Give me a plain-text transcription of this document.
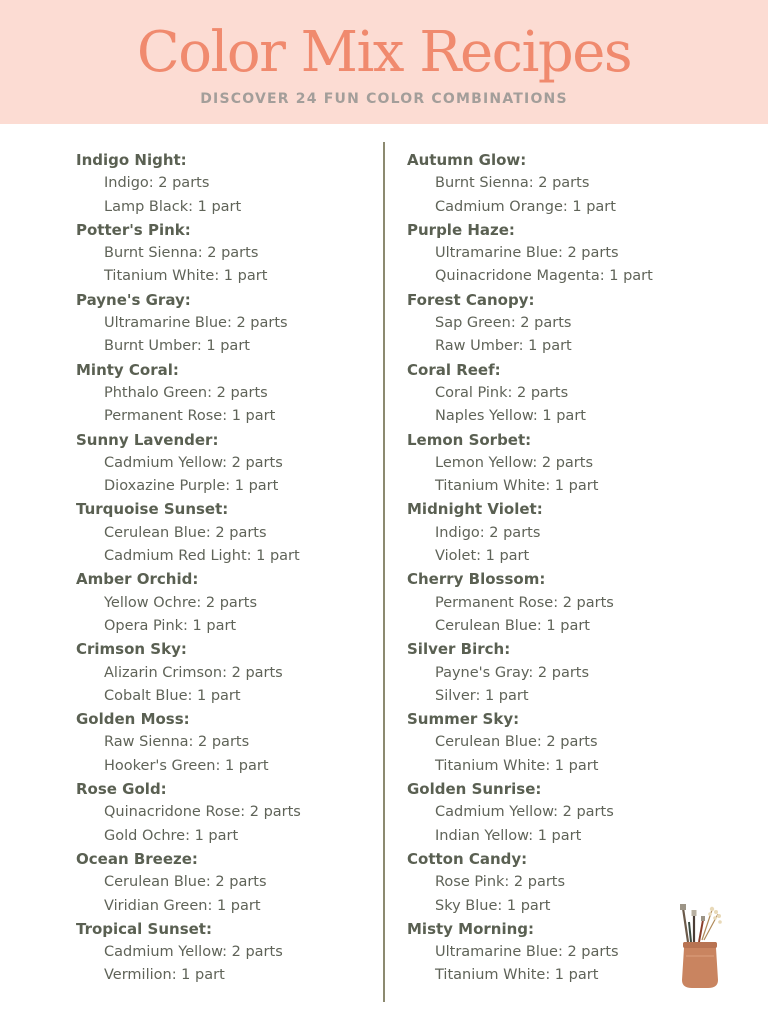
Color Mix Recipes
DISCOVER 24 FUN COLOR COMBINATIONS
Indigo Night:
Indigo: 2 parts
Lamp Black: 1 part
Potter's Pink:
Burnt Sienna: 2 parts
Titanium White: 1 part
Payne's Gray:
Ultramarine Blue: 2 parts
Burnt Umber: 1 part
Minty Coral:
Phthalo Green: 2 parts
Permanent Rose: 1 part
Sunny Lavender:
Cadmium Yellow: 2 parts
Dioxazine Purple: 1 part
Turquoise Sunset:
Cerulean Blue: 2 parts
Cadmium Red Light: 1 part
Amber Orchid:
Yellow Ochre: 2 parts
Opera Pink: 1 part
Crimson Sky:
Alizarin Crimson: 2 parts
Cobalt Blue: 1 part
Golden Moss:
Raw Sienna: 2 parts
Hooker's Green: 1 part
Rose Gold:
Quinacridone Rose: 2 parts
Gold Ochre: 1 part
Ocean Breeze:
Cerulean Blue: 2 parts
Viridian Green: 1 part
Tropical Sunset:
Cadmium Yellow: 2 parts
Vermilion: 1 part
Autumn Glow:
Burnt Sienna: 2 parts
Cadmium Orange: 1 part
Purple Haze:
Ultramarine Blue: 2 parts
Quinacridone Magenta: 1 part
Forest Canopy:
Sap Green: 2 parts
Raw Umber: 1 part
Coral Reef:
Coral Pink: 2 parts
Naples Yellow: 1 part
Lemon Sorbet:
Lemon Yellow: 2 parts
Titanium White: 1 part
Midnight Violet:
Indigo: 2 parts
Violet: 1 part
Cherry Blossom:
Permanent Rose: 2 parts
Cerulean Blue: 1 part
Silver Birch:
Payne's Gray: 2 parts
Silver: 1 part
Summer Sky:
Cerulean Blue: 2 parts
Titanium White: 1 part
Golden Sunrise:
Cadmium Yellow: 2 parts
Indian Yellow: 1 part
Cotton Candy:
Rose Pink: 2 parts
Sky Blue: 1 part
Misty Morning:
Ultramarine Blue: 2 parts
Titanium White: 1 part
